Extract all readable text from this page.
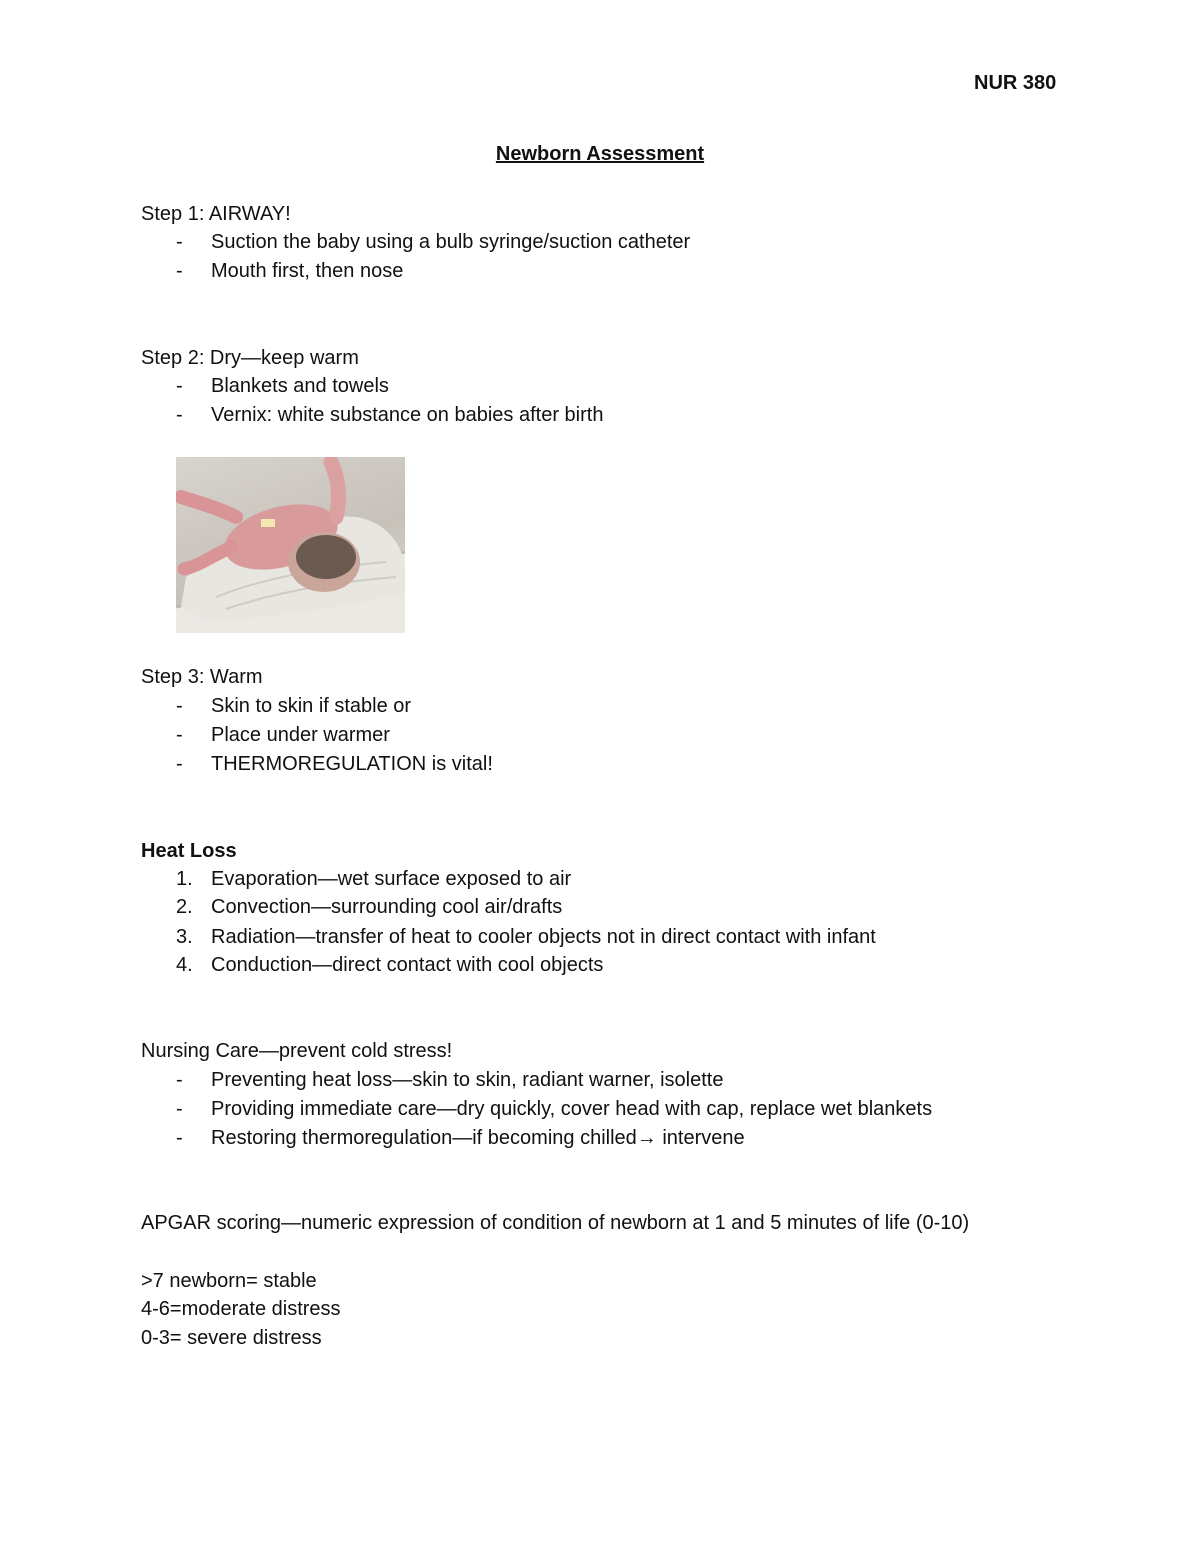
NUR 380
Newborn Assessment
Step 1: AIRWAY!
- Suction the baby using a bulb syringe/suction catheter
- Mouth first, then nose
Step 2: Dry—keep warm
- Blankets and towels
- Vernix: white substance on babies after birth
Step 3: Warm
- Skin to skin if stable or
- Place under warmer
- THERMOREGULATION is vital!
Heat Loss
1. Evaporation—wet surface exposed to air
2. Convection—surrounding cool air/drafts
3. Radiation—transfer of heat to cooler objects not in direct contact with infant
4. Conduction—direct contact with cool objects
Nursing Care—prevent cold stress!
- Preventing heat loss—skin to skin, radiant warner, isolette
- Providing immediate care—dry quickly, cover head with cap, replace wet blankets
- Restoring thermoregulation—if becoming chilled→ intervene
APGAR scoring—numeric expression of condition of newborn at 1 and 5 minutes of life (0-10)
>7 newborn= stable
4-6=moderate distress
0-3= severe distress
